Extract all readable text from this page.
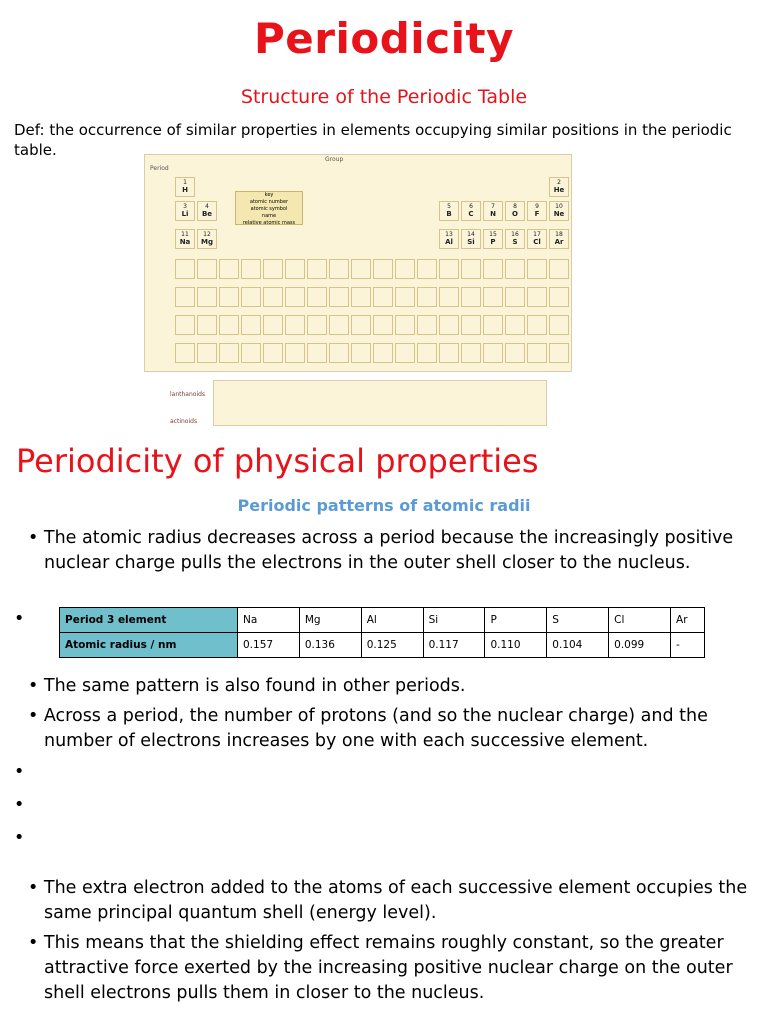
Periodicity
Structure of the Periodic Table
Def: the occurrence of similar properties in elements occupying similar positions in the periodic table.
Group
Period
key
atomic number
atomic symbol
name
relative atomic mass
1
H
2
He
3
Li
4
Be
5
B
6
C
7
N
8
O
9
F
10
Ne
11
Na
12
Mg
13
Al
14
Si
15
P
16
S
17
Cl
18
Ar
lanthanoids
actinoids
Periodicity of physical properties
Periodic patterns of atomic radii
• The atomic radius decreases across a period because the increasingly positive nuclear charge pulls the electrons in the outer shell closer to the nucleus.
•	Period 3 element	Na	Mg	Al	Si	P	S	Cl	Ar
Atomic radius / nm	0.157	0.136	0.125	0.117	0.110	0.104	0.099	-
• The same pattern is also found in other periods.
• Across a period, the number of protons (and so the nuclear charge) and the number of electrons increases by one with each successive element.
•
•
•
• The extra electron added to the atoms of each successive element occupies the same principal quantum shell (energy level).
• This means that the shielding effect remains roughly constant, so the greater attractive force exerted by the increasing positive nuclear charge on the outer shell electrons pulls them in closer to the nucleus.
